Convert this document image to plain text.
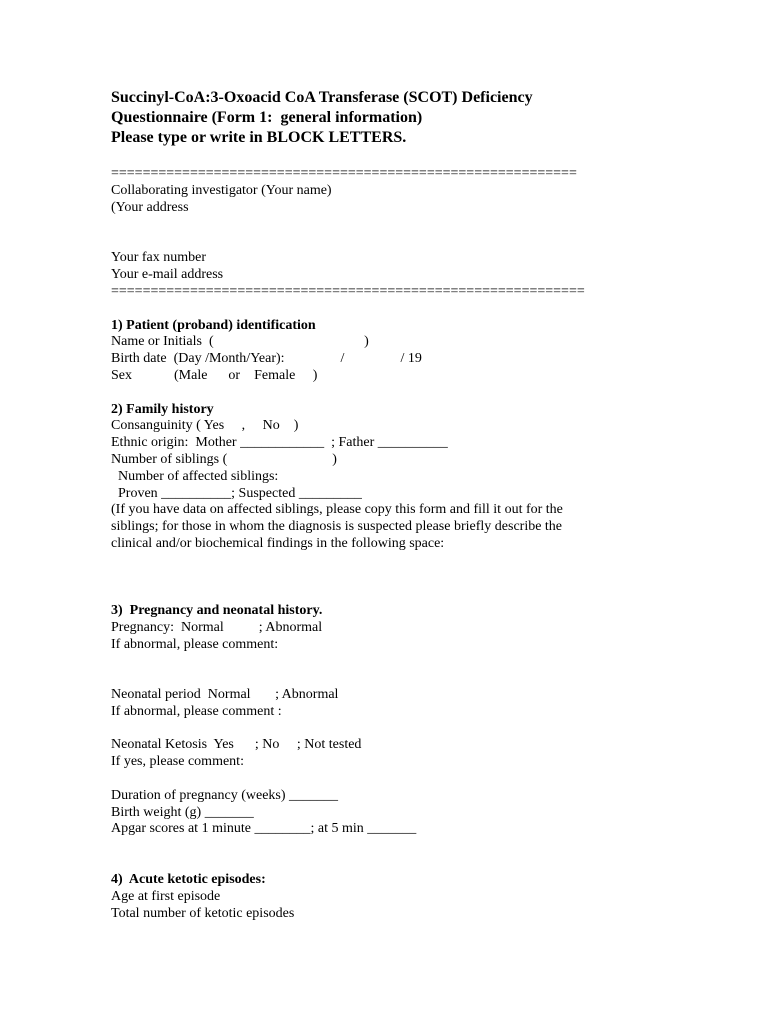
Succinyl-CoA:3-Oxoacid CoA Transferase (SCOT) Deficiency
Questionnaire (Form 1:  general information)
Please type or write in BLOCK LETTERS.
===========================================================
Collaborating investigator (Your name)
(Your address
Your fax number
Your e-mail address
============================================================
1) Patient (proband) identification
Name or Initials  (                                           )
Birth date  (Day /Month/Year):                /                / 19
Sex            (Male      or    Female     )
2) Family history
Consanguinity ( Yes     ,     No    )
Ethnic origin:  Mother ____________  ; Father __________
Number of siblings (                              )
Number of affected siblings:
Proven __________; Suspected _________
(If you have data on affected siblings, please copy this form and fill it out for the
siblings; for those in whom the diagnosis is suspected please briefly describe the
clinical and/or biochemical findings in the following space:
3)  Pregnancy and neonatal history.
Pregnancy:  Normal          ; Abnormal
If abnormal, please comment:
Neonatal period  Normal       ; Abnormal
If abnormal, please comment :
Neonatal Ketosis  Yes      ; No     ; Not tested
If yes, please comment:
Duration of pregnancy (weeks) _______
Birth weight (g) _______
Apgar scores at 1 minute ________; at 5 min _______
4)  Acute ketotic episodes:
Age at first episode
Total number of ketotic episodes
